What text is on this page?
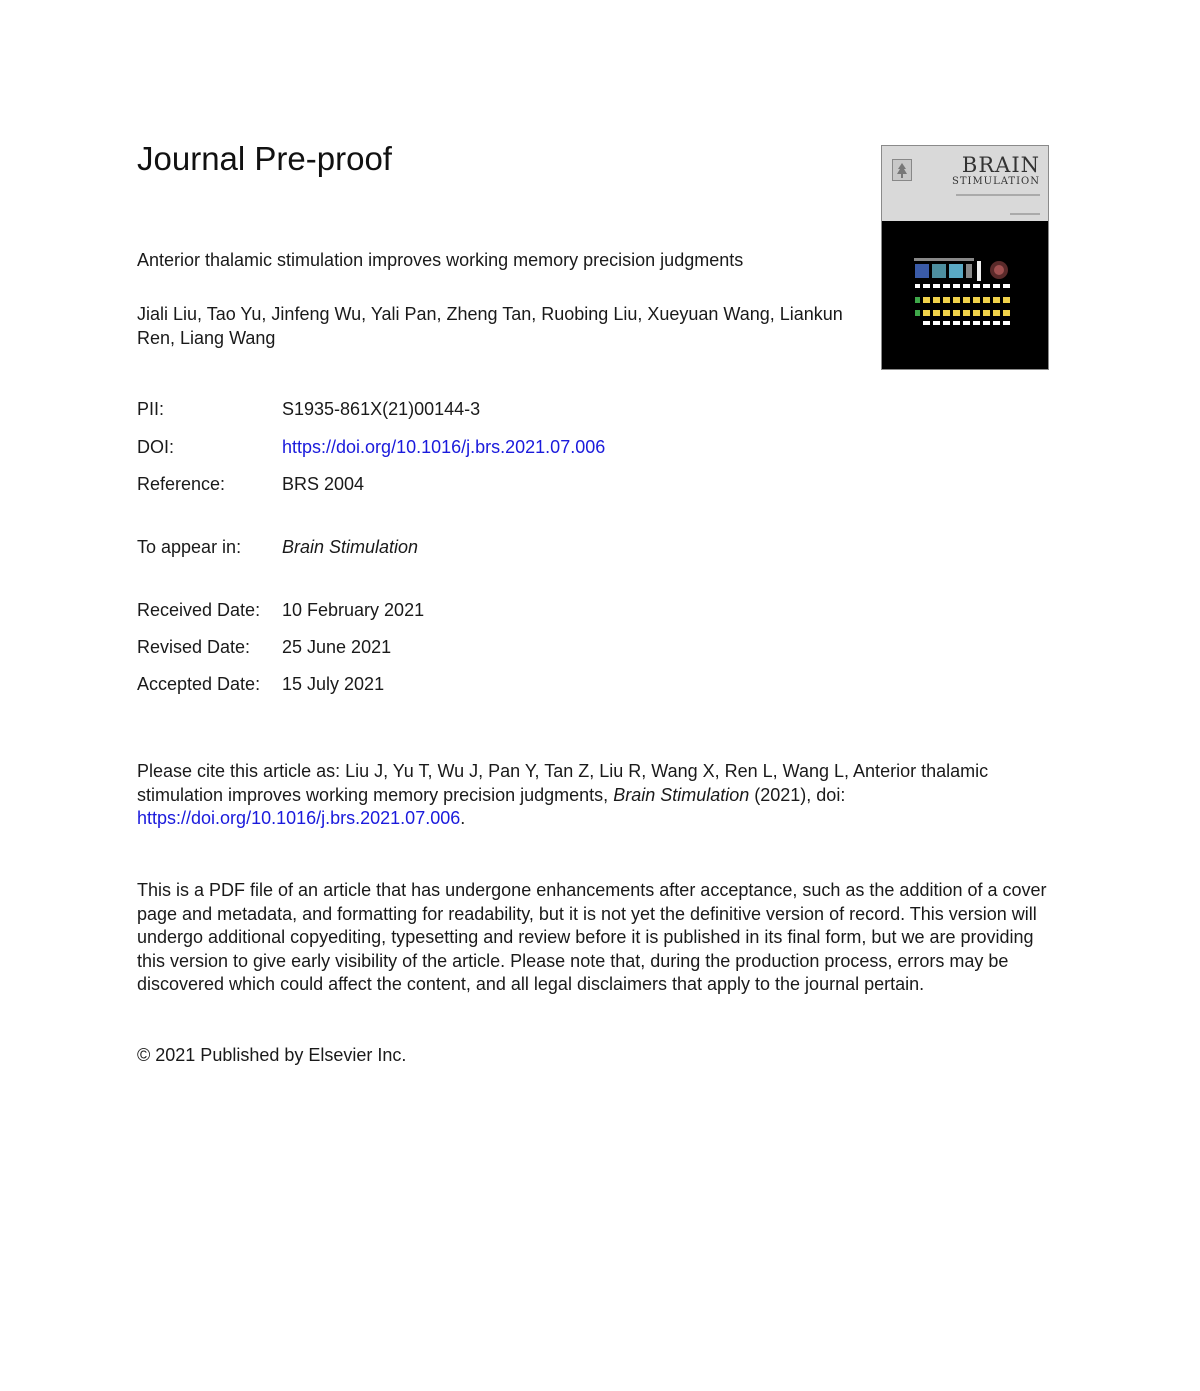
Journal Pre-proof	BRAIN
STIMULATION
Anterior thalamic stimulation improves working memory precision judgments

Jiali Liu, Tao Yu, Jinfeng Wu, Yali Pan, Zheng Tan, Ruobing Liu, Xueyuan Wang, Liankun Ren, Liang Wang

PII:	S1935-861X(21)00144-3
DOI:	https://doi.org/10.1016/j.brs.2021.07.006
Reference:	BRS 2004
To appear in: Brain Stimulation
Received Date: 10 February 2021
Revised Date: 25 June 2021
Accepted Date: 15 July 2021

Please cite this article as: Liu J, Yu T, Wu J, Pan Y, Tan Z, Liu R, Wang X, Ren L, Wang L, Anterior thalamic stimulation improves working memory precision judgments, Brain Stimulation (2021), doi: https://doi.org/10.1016/j.brs.2021.07.006.

This is a PDF file of an article that has undergone enhancements after acceptance, such as the addition of a cover page and metadata, and formatting for readability, but it is not yet the definitive version of record. This version will undergo additional copyediting, typesetting and review before it is published in its final form, but we are providing this version to give early visibility of the article. Please note that, during the production process, errors may be discovered which could affect the content, and all legal disclaimers that apply to the journal pertain.

© 2021 Published by Elsevier Inc.
